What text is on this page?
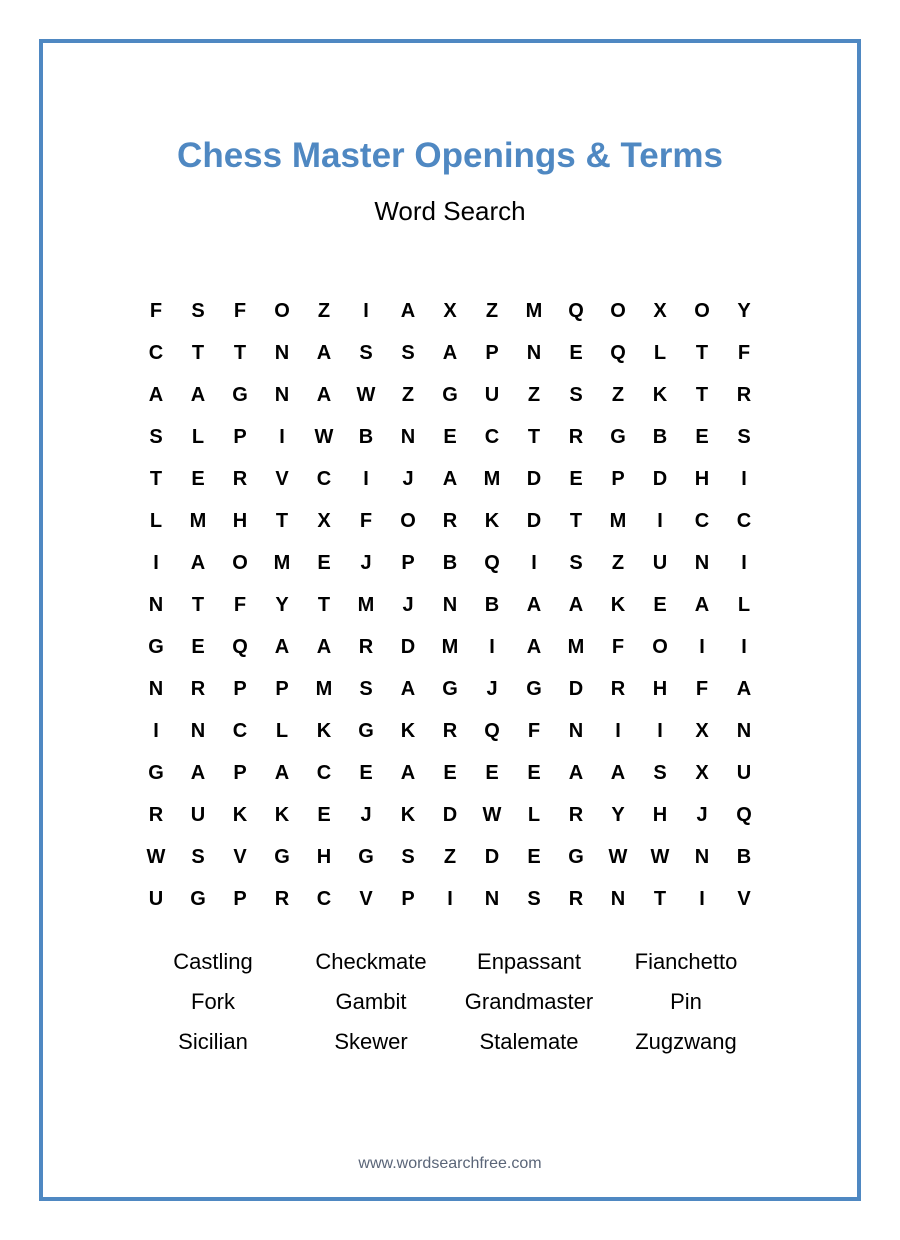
Chess Master Openings & Terms
Word Search
F	S	F	O	Z	I	A	X	Z	M	Q	O	X	O	Y
C	T	T	N	A	S	S	A	P	N	E	Q	L	T	F
A	A	G	N	A	W	Z	G	U	Z	S	Z	K	T	R
S	L	P	I	W	B	N	E	C	T	R	G	B	E	S
T	E	R	V	C	I	J	A	M	D	E	P	D	H	I
L	M	H	T	X	F	O	R	K	D	T	M	I	C	C
I	A	O	M	E	J	P	B	Q	I	S	Z	U	N	I
N	T	F	Y	T	M	J	N	B	A	A	K	E	A	L
G	E	Q	A	A	R	D	M	I	A	M	F	O	I	I
N	R	P	P	M	S	A	G	J	G	D	R	H	F	A
I	N	C	L	K	G	K	R	Q	F	N	I	I	X	N
G	A	P	A	C	E	A	E	E	E	A	A	S	X	U
R	U	K	K	E	J	K	D	W	L	R	Y	H	J	Q
W	S	V	G	H	G	S	Z	D	E	G	W	W	N	B
U	G	P	R	C	V	P	I	N	S	R	N	T	I	V
Castling	Checkmate	Enpassant	Fianchetto
Fork	Gambit	Grandmaster	Pin
Sicilian	Skewer	Stalemate	Zugzwang
www.wordsearchfree.com
